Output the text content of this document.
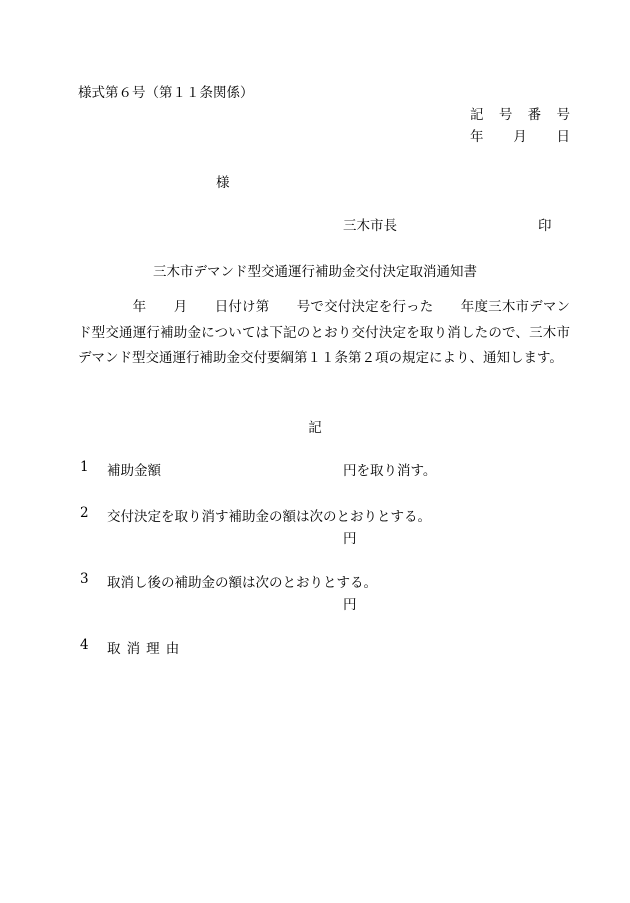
様式第６号（第１１条関係）
記 号 番 号
年 月 日
様
三木市長	印
三木市デマンド型交通運行補助金交付決定取消通知書
　　　　年　　月　　日付け第　　号で交付決定を行った　　年度三木市デマンド型交通運行補助金については下記のとおり交付決定を取り消したので、三木市デマンド型交通運行補助金交付要綱第１１条第２項の規定により、通知します。
記
1 補助金額	円を取り消す。
2 交付決定を取り消す補助金の額は次のとおりとする。
円
3 取消し後の補助金の額は次のとおりとする。
円
4 取消理由
